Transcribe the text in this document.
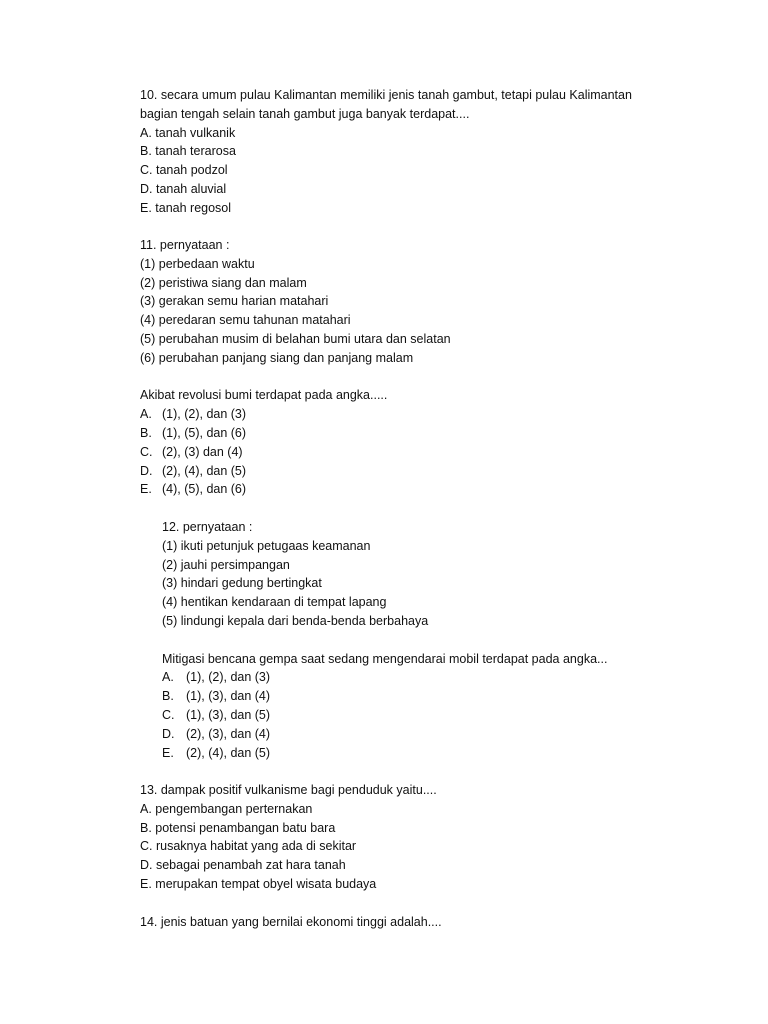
10. secara umum pulau Kalimantan memiliki jenis tanah gambut, tetapi pulau Kalimantan
bagian tengah selain tanah gambut juga banyak terdapat....
A. tanah vulkanik
B. tanah terarosa
C. tanah podzol
D. tanah aluvial
E. tanah regosol
11. pernyataan :
(1) perbedaan waktu
(2) peristiwa siang dan malam
(3) gerakan semu harian matahari
(4) peredaran semu tahunan matahari
(5) perubahan musim di belahan bumi utara dan selatan
(6) perubahan panjang siang dan panjang malam
Akibat revolusi bumi terdapat pada angka.....
A. (1), (2), dan (3)
B. (1), (5), dan (6)
C. (2), (3) dan (4)
D. (2), (4), dan (5)
E. (4), (5), dan (6)
12. pernyataan :
(1) ikuti petunjuk petugaas keamanan
(2) jauhi persimpangan
(3) hindari gedung bertingkat
(4) hentikan kendaraan di tempat lapang
(5) lindungi kepala dari benda-benda berbahaya
Mitigasi bencana gempa saat sedang mengendarai mobil terdapat pada angka...
A. (1), (2), dan (3)
B. (1), (3), dan (4)
C. (1), (3), dan (5)
D. (2), (3), dan (4)
E. (2), (4), dan (5)
13. dampak positif vulkanisme bagi penduduk yaitu....
A. pengembangan perternakan
B. potensi penambangan batu bara
C. rusaknya habitat yang ada di sekitar
D. sebagai penambah zat hara tanah
E. merupakan tempat obyel wisata budaya
14. jenis batuan yang bernilai ekonomi tinggi adalah....
